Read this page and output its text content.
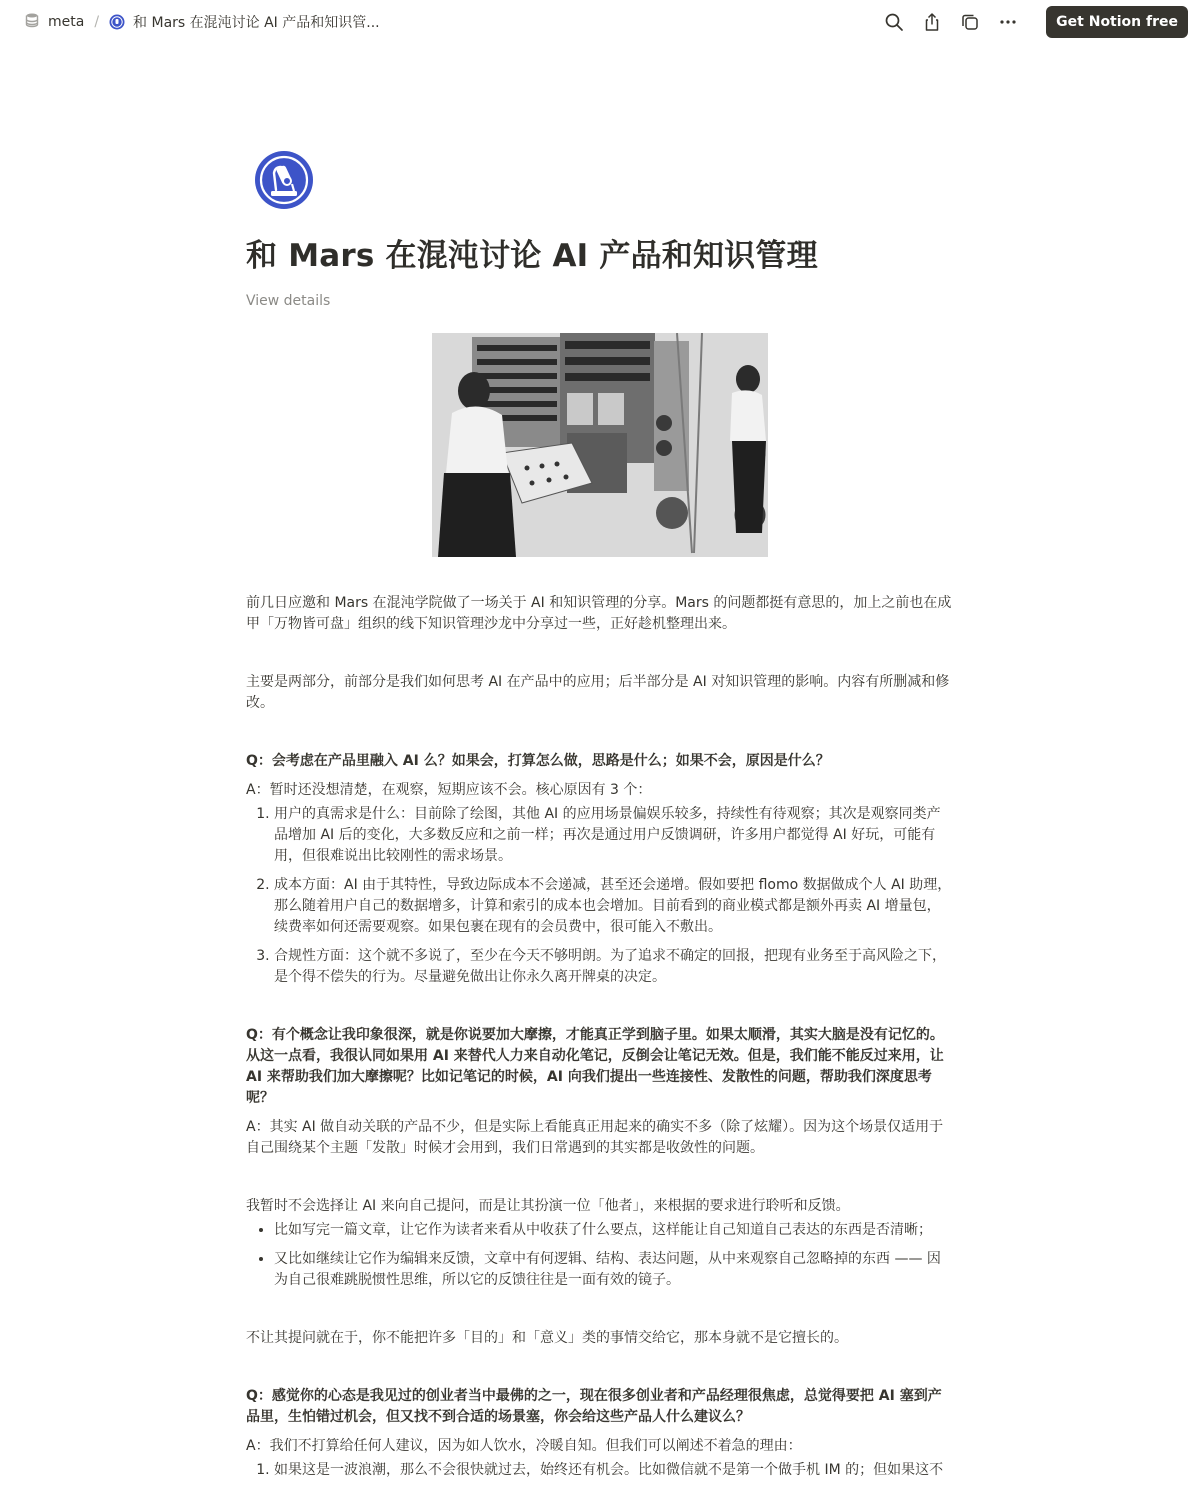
meta / 和 Mars 在混沌讨论 AI 产品和知识管...	Get Notion free
和 Mars 在混沌讨论 AI 产品和知识管理
View details

前几日应邀和 Mars 在混沌学院做了一场关于 AI 和知识管理的分享。Mars 的问题都挺有意思的，加上之前也在成甲「万物皆可盘」组织的线下知识管理沙龙中分享过一些，正好趁机整理出来。

主要是两部分，前部分是我们如何思考 AI 在产品中的应用；后半部分是 AI 对知识管理的影响。内容有所删减和修改。

Q：会考虑在产品里融入 AI 么？如果会，打算怎么做，思路是什么；如果不会，原因是什么？

A：暂时还没想清楚，在观察，短期应该不会。核心原因有 3 个：

1. 用户的真需求是什么：目前除了绘图，其他 AI 的应用场景偏娱乐较多，持续性有待观察；其次是观察同类产品增加 AI 后的变化，大多数反应和之前一样；再次是通过用户反馈调研，许多用户都觉得 AI 好玩，可能有用，但很难说出比较刚性的需求场景。
2. 成本方面：AI 由于其特性，导致边际成本不会递减，甚至还会递增。假如要把 flomo 数据做成个人 AI 助理，那么随着用户自己的数据增多，计算和索引的成本也会增加。目前看到的商业模式都是额外再卖 AI 增量包，续费率如何还需要观察。如果包裹在现有的会员费中，很可能入不敷出。
3. 合规性方面：这个就不多说了，至少在今天不够明朗。为了追求不确定的回报，把现有业务至于高风险之下，是个得不偿失的行为。尽量避免做出让你永久离开牌桌的决定。

Q：有个概念让我印象很深，就是你说要加大摩擦，才能真正学到脑子里。如果太顺滑，其实大脑是没有记忆的。从这一点看，我很认同如果用 AI 来替代人力来自动化笔记，反倒会让笔记无效。但是，我们能不能反过来用，让 AI 来帮助我们加大摩擦呢？比如记笔记的时候，AI 向我们提出一些连接性、发散性的问题，帮助我们深度思考呢？

A：其实 AI 做自动关联的产品不少，但是实际上看能真正用起来的确实不多（除了炫耀）。因为这个场景仅适用于自己围绕某个主题「发散」时候才会用到，我们日常遇到的其实都是收敛性的问题。

我暂时不会选择让 AI 来向自己提问，而是让其扮演一位「他者」，来根据的要求进行聆听和反馈。

• 比如写完一篇文章，让它作为读者来看从中收获了什么要点，这样能让自己知道自己表达的东西是否清晰；
• 又比如继续让它作为编辑来反馈，文章中有何逻辑、结构、表达问题，从中来观察自己忽略掉的东西 —— 因为自己很难跳脱惯性思维，所以它的反馈往往是一面有效的镜子。

不让其提问就在于，你不能把许多「目的」和「意义」类的事情交给它，那本身就不是它擅长的。

Q：感觉你的心态是我见过的创业者当中最佛的之一，现在很多创业者和产品经理很焦虑，总觉得要把 AI 塞到产品里，生怕错过机会，但又找不到合适的场景塞，你会给这些产品人什么建议么？

A：我们不打算给任何人建议，因为如人饮水，冷暖自知。但我们可以阐述不着急的理由：

1. 如果这是一波浪潮，那么不会很快就过去，始终还有机会。比如微信就不是第一个做手机 IM 的；但如果这不
